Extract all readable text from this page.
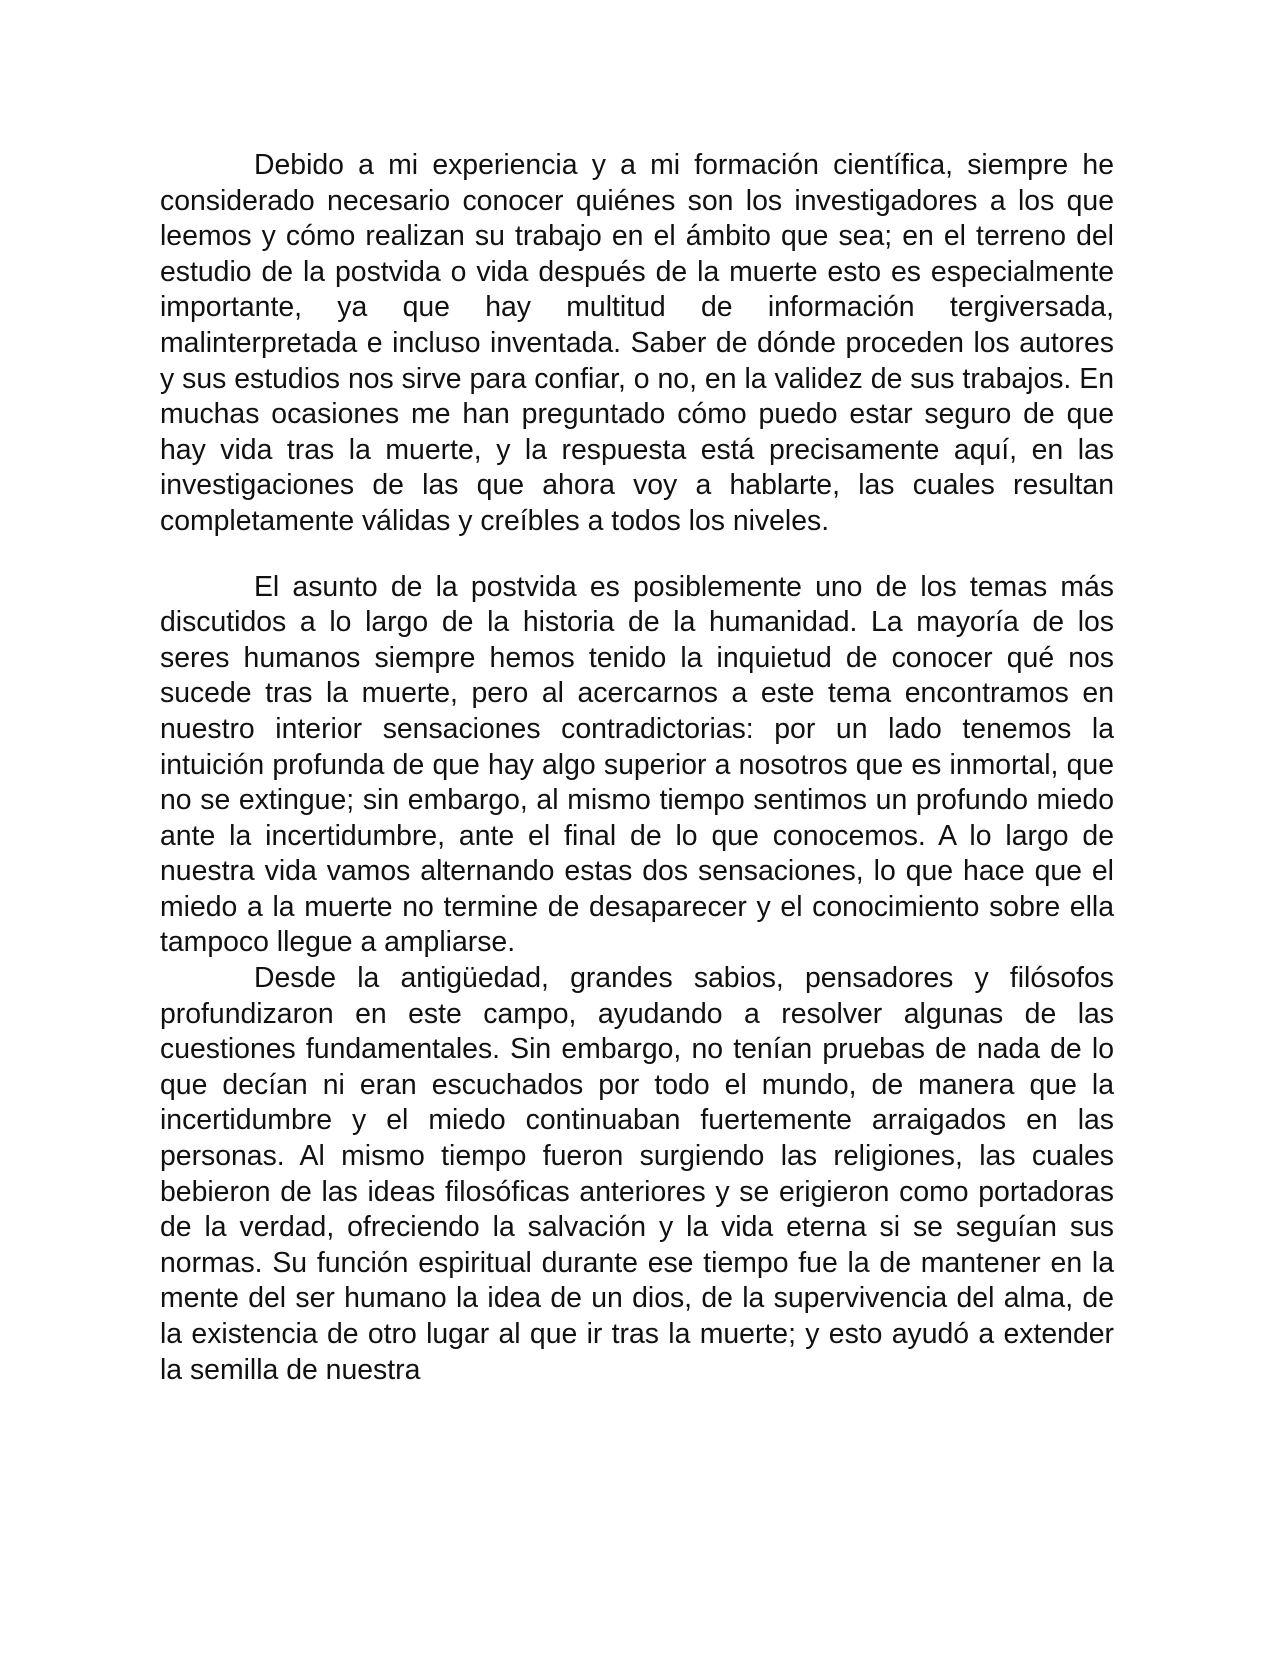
Debido a mi experiencia y a mi formación científica, siempre he considerado necesario conocer quiénes son los investigadores a los que leemos y cómo realizan su trabajo en el ámbito que sea; en el terreno del estudio de la postvida o vida después de la muerte esto es especialmente importante, ya que hay multitud de información tergiversada, malinterpretada e incluso inventada. Saber de dónde proceden los autores y sus estudios nos sirve para confiar, o no, en la validez de sus trabajos. En muchas ocasiones me han preguntado cómo puedo estar seguro de que hay vida tras la muerte, y la respuesta está precisamente aquí, en las investigaciones de las que ahora voy a hablarte, las cuales resultan completamente válidas y creíbles a todos los niveles.

El asunto de la postvida es posiblemente uno de los temas más discutidos a lo largo de la historia de la humanidad. La mayoría de los seres humanos siempre hemos tenido la inquietud de conocer qué nos sucede tras la muerte, pero al acercarnos a este tema encontramos en nuestro interior sensaciones contradictorias: por un lado tenemos la intuición profunda de que hay algo superior a nosotros que es inmortal, que no se extingue; sin embargo, al mismo tiempo sentimos un profundo miedo ante la incertidumbre, ante el final de lo que conocemos. A lo largo de nuestra vida vamos alternando estas dos sensaciones, lo que hace que el miedo a la muerte no termine de desaparecer y el conocimiento sobre ella tampoco llegue a ampliarse.

Desde la antigüedad, grandes sabios, pensadores y filósofos profundizaron en este campo, ayudando a resolver algunas de las cuestiones fundamentales. Sin embargo, no tenían pruebas de nada de lo que decían ni eran escuchados por todo el mundo, de manera que la incertidumbre y el miedo continuaban fuertemente arraigados en las personas. Al mismo tiempo fueron surgiendo las religiones, las cuales bebieron de las ideas filosóficas anteriores y se erigieron como portadoras de la verdad, ofreciendo la salvación y la vida eterna si se seguían sus normas. Su función espiritual durante ese tiempo fue la de mantener en la mente del ser humano la idea de un dios, de la supervivencia del alma, de la existencia de otro lugar al que ir tras la muerte; y esto ayudó a extender la semilla de nuestra
